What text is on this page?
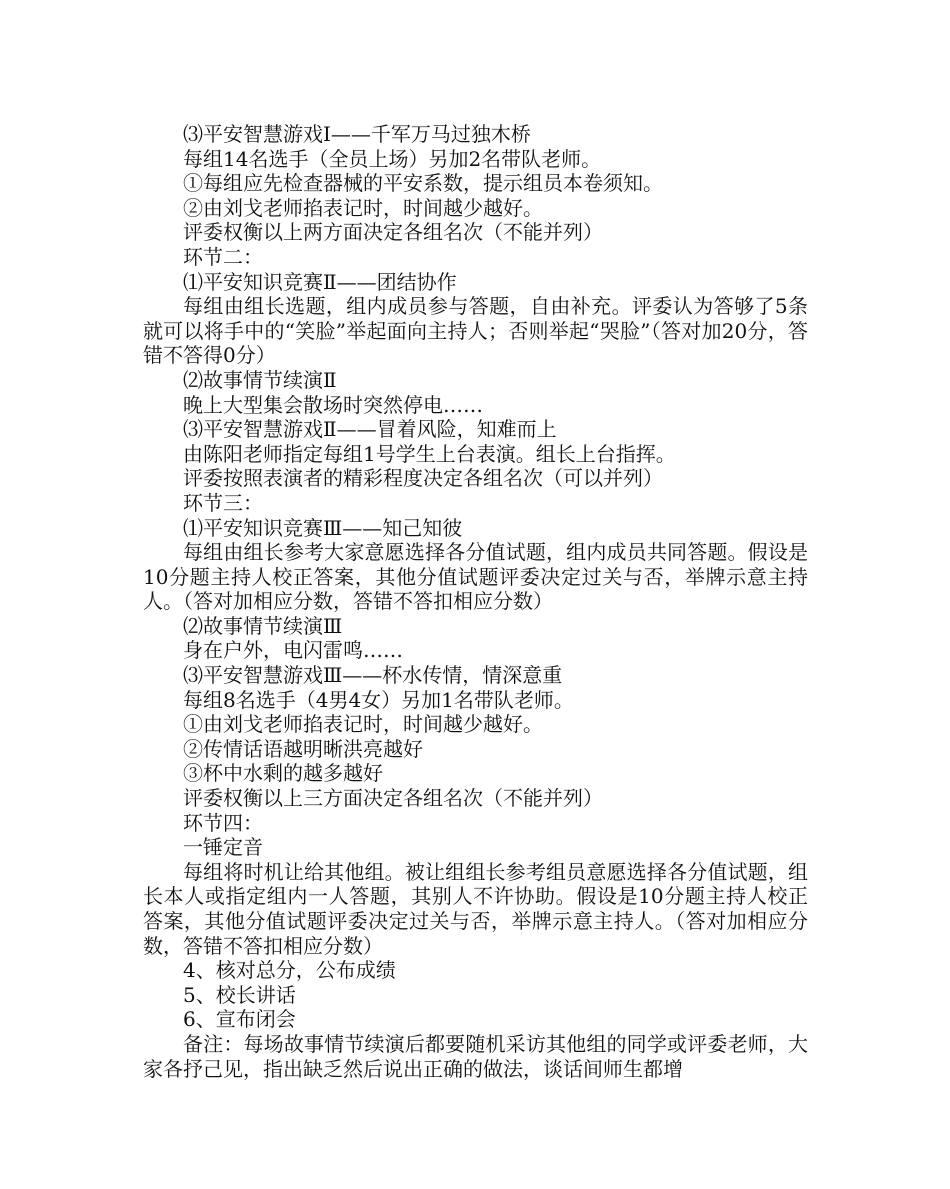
⑶平安智慧游戏Ⅰ——千军万马过独木桥

每组14名选手（全员上场）另加2名带队老师。

①每组应先检查器械的平安系数，提示组员本卷须知。

②由刘戈老师掐表记时，时间越少越好。

评委权衡以上两方面决定各组名次（不能并列）

环节二：

⑴平安知识竞赛Ⅱ——团结协作

每组由组长选题，组内成员参与答题，自由补充。评委认为答够了5条就可以将手中的“笑脸”举起面向主持人；否则举起“哭脸”（答对加20分，答错不答得0分）

⑵故事情节续演Ⅱ

晚上大型集会散场时突然停电……

⑶平安智慧游戏Ⅱ——冒着风险，知难而上

由陈阳老师指定每组1号学生上台表演。组长上台指挥。

评委按照表演者的精彩程度决定各组名次（可以并列）

环节三：

⑴平安知识竞赛Ⅲ——知己知彼

每组由组长参考大家意愿选择各分值试题，组内成员共同答题。假设是10分题主持人校正答案，其他分值试题评委决定过关与否，举牌示意主持人。（答对加相应分数，答错不答扣相应分数）

⑵故事情节续演Ⅲ

身在户外，电闪雷鸣……

⑶平安智慧游戏Ⅲ——杯水传情，情深意重

每组8名选手（4男4女）另加1名带队老师。

①由刘戈老师掐表记时，时间越少越好。

②传情话语越明晰洪亮越好

③杯中水剩的越多越好

评委权衡以上三方面决定各组名次（不能并列）

环节四：

一锤定音

每组将时机让给其他组。被让组组长参考组员意愿选择各分值试题，组长本人或指定组内一人答题，其别人不许协助。假设是10分题主持人校正答案，其他分值试题评委决定过关与否，举牌示意主持人。（答对加相应分数，答错不答扣相应分数）

4、核对总分，公布成绩

5、校长讲话

6、宣布闭会

备注：每场故事情节续演后都要随机采访其他组的同学或评委老师，大家各抒己见，指出缺乏然后说出正确的做法，谈话间师生都增
